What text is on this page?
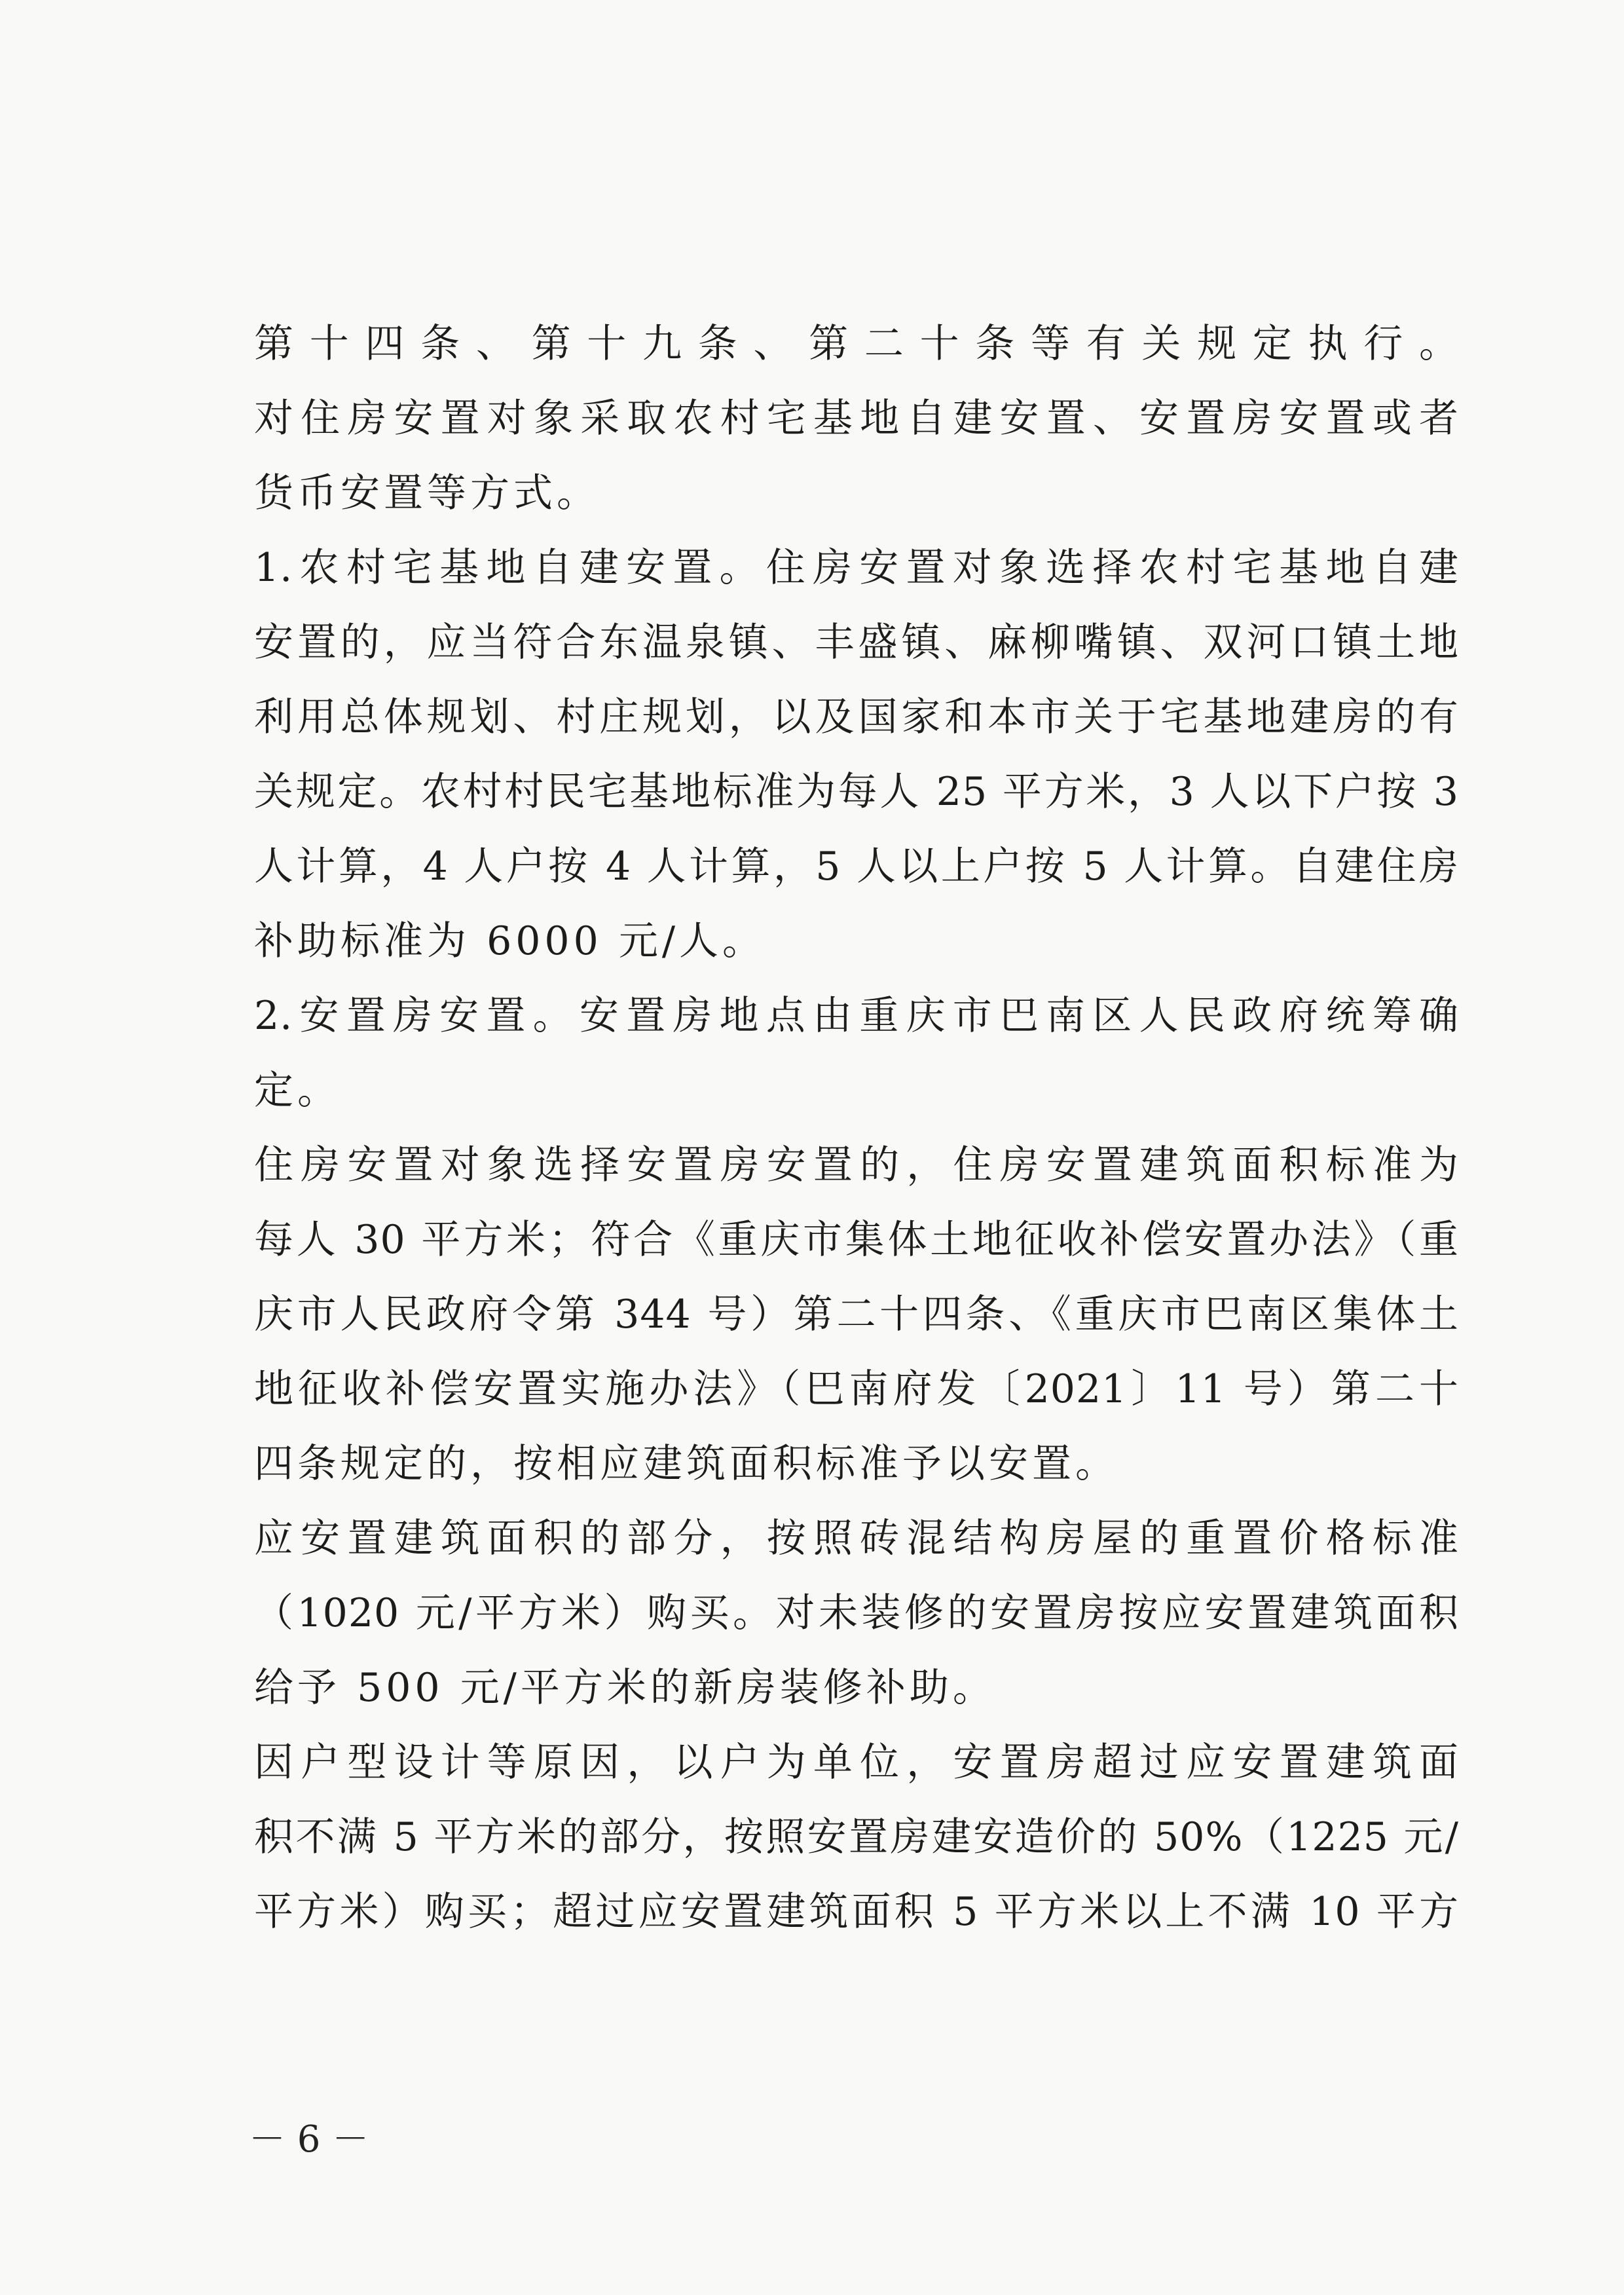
第十四条、第十九条、第二十条等有关规定执行。
对住房安置对象采取农村宅基地自建安置、安置房安置或者
货币安置等方式。
1.农村宅基地自建安置。住房安置对象选择农村宅基地自建
安置的，应当符合东温泉镇、丰盛镇、麻柳嘴镇、双河口镇土地
利用总体规划、村庄规划，以及国家和本市关于宅基地建房的有
关规定。农村村民宅基地标准为每人 25 平方米，3 人以下户按 3
人计算，4 人户按 4 人计算，5 人以上户按 5 人计算。自建住房
补助标准为 6000 元/人。
2.安置房安置。安置房地点由重庆市巴南区人民政府统筹确
定。
住房安置对象选择安置房安置的，住房安置建筑面积标准为
每人 30 平方米；符合《重庆市集体土地征收补偿安置办法》（重
庆市人民政府令第 344 号）第二十四条、《重庆市巴南区集体土
地征收补偿安置实施办法》（巴南府发〔2021〕11 号）第二十
四条规定的，按相应建筑面积标准予以安置。
应安置建筑面积的部分，按照砖混结构房屋的重置价格标准
（1020 元/平方米）购买。对未装修的安置房按应安置建筑面积
给予 500 元/平方米的新房装修补助。
因户型设计等原因，以户为单位，安置房超过应安置建筑面
积不满 5 平方米的部分，按照安置房建安造价的 50%（1225 元/
平方米）购买；超过应安置建筑面积 5 平方米以上不满 10 平方
－ 6 －
